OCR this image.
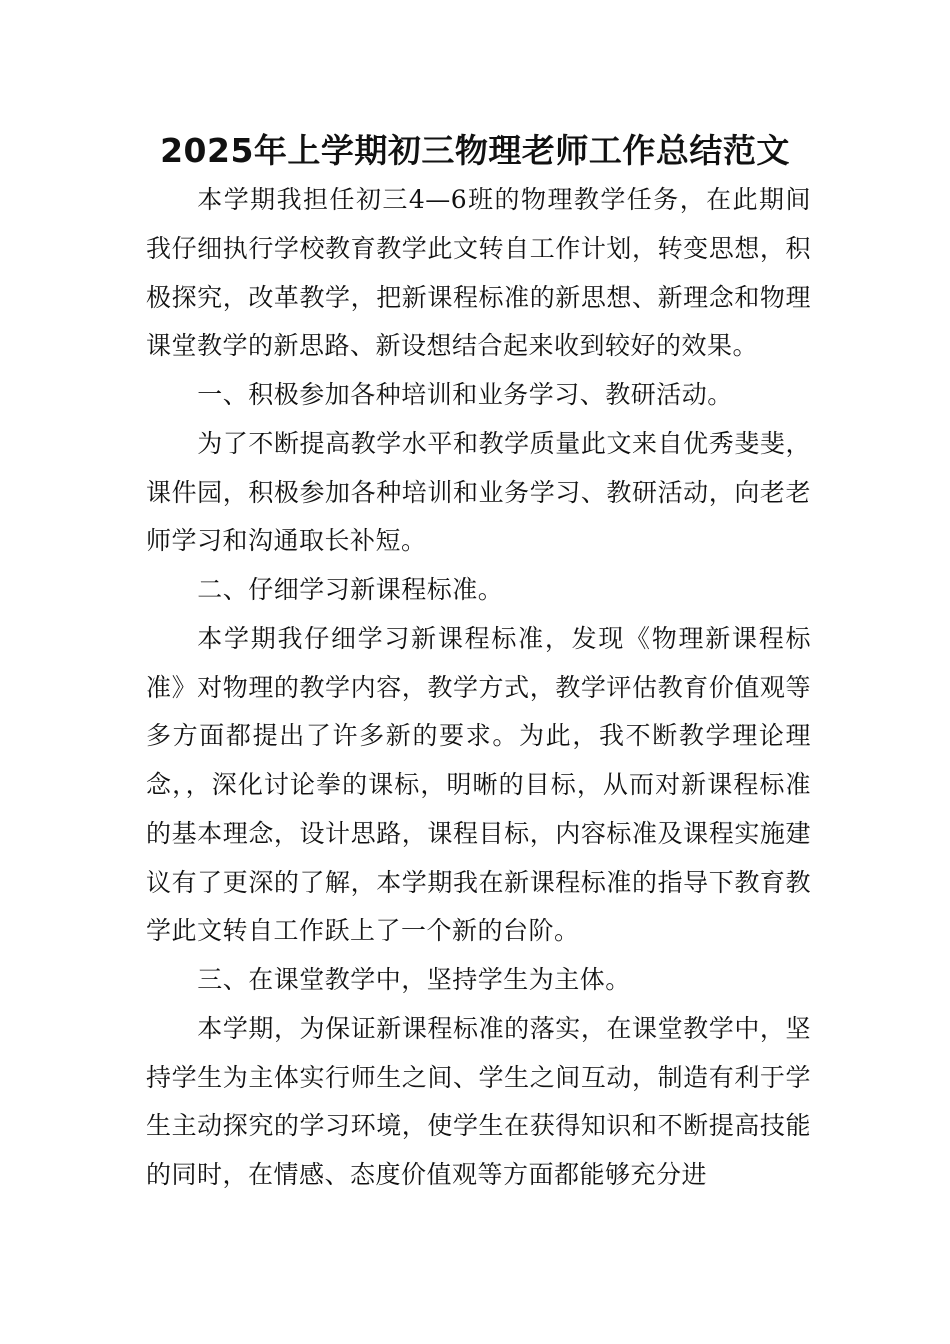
2025年上学期初三物理老师工作总结范文

本学期我担任初三4—6班的物理教学任务，在此期间我仔细执行学校教育教学此文转自工作计划，转变思想，积极探究，改革教学，把新课程标准的新思想、新理念和物理课堂教学的新思路、新设想结合起来收到较好的效果。

一、积极参加各种培训和业务学习、教研活动。

为了不断提高教学水平和教学质量此文来自优秀斐斐，课件园，积极参加各种培训和业务学习、教研活动，向老老师学习和沟通取长补短。

二、仔细学习新课程标准。

本学期我仔细学习新课程标准，发现《物理新课程标准》对物理的教学内容，教学方式，教学评估教育价值观等多方面都提出了许多新的要求。为此，我不断教学理论理念，，深化讨论拳的课标，明晰的目标，从而对新课程标准的基本理念，设计思路，课程目标，内容标准及课程实施建议有了更深的了解，本学期我在新课程标准的指导下教育教学此文转自工作跃上了一个新的台阶。

三、在课堂教学中，坚持学生为主体。

本学期，为保证新课程标准的落实，在课堂教学中，坚持学生为主体实行师生之间、学生之间互动，制造有利于学生主动探究的学习环境，使学生在获得知识和不断提高技能的同时，在情感、态度价值观等方面都能够充分进
